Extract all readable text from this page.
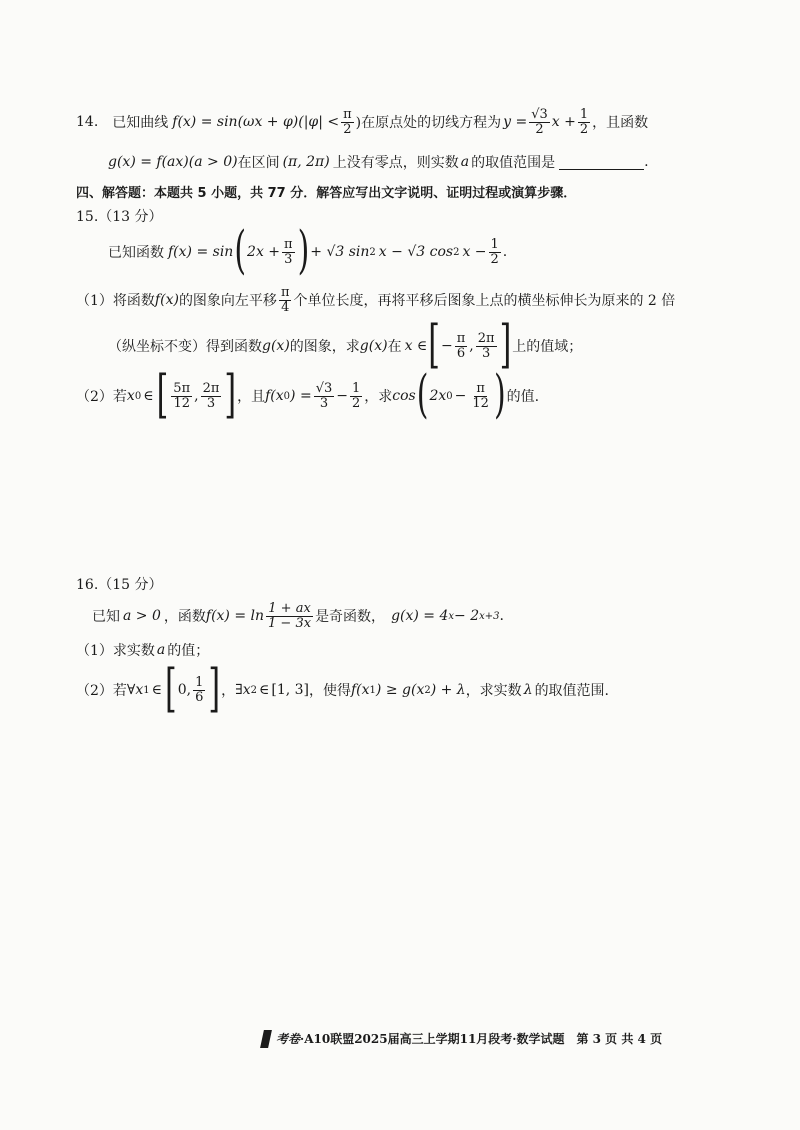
14. 已知曲线 $f(x) = \sin(\omega x + \varphi)(|\varphi| < \frac{\pi}{2}$ )在原点处的切线方程为 $y = \frac{√3}{2}$ $x + \frac{1}{2}$ ，且函数
g(x) = f(ax)(a > 0) 在区间 (π, 2π) 上没有零点，则实数 a 的取值范围是	.
四、解答题：本题共 5 小题，共 77 分．解答应写出文字说明、证明过程或演算步骤．
15.（13 分）
已知函数 f(x) = sin ( $2x + \frac{\pi}{3}$ ) + √3 sin 2 x − √3 cos 2 $x - \frac{1}{2}$ .
（1）将函数 f(x) 的图象向左平移 $\frac{\pi}{4}$ 个单位长度，再将平移后图象上点的横坐标伸长为原来的 2 倍
（纵坐标不变）得到函数 g(x) 的图象，求 g(x) 在 x ∈ [ − $\frac{\pi}{6}$ , $\frac{2\pi}{3}$ ] 上的值域；
（2）若 x 0 ∈ [ $\frac{5\pi}{12}$ , $\frac{2\pi}{3}$ ] ，且 f(x 0 ) = $\frac{√3}{3} - \frac{1}{2}$ ，求 cos ( 2x $0 - \frac{\pi}{12}$ ) 的值.
16.（15 分）
已知 a > 0 ，函数 $f(x) = \ln \frac{1 + ax}{1 - 3x}$ 是奇函数， g(x) = 4 x − 2 x+3 .
（1）求实数 a 的值；
（2）若 ∀x 1 ∈ [ 0, $\frac{1}{6}$ ] ， ∃x 2 ∈ [1, 3] ，使得 f(x 1 ) ≥ g(x 2 ) + λ ，求实数 λ 的取值范围.
考卷 ·A10联盟2025届高三上学期11月段考·数学试题　第 3 页 共 4 页
